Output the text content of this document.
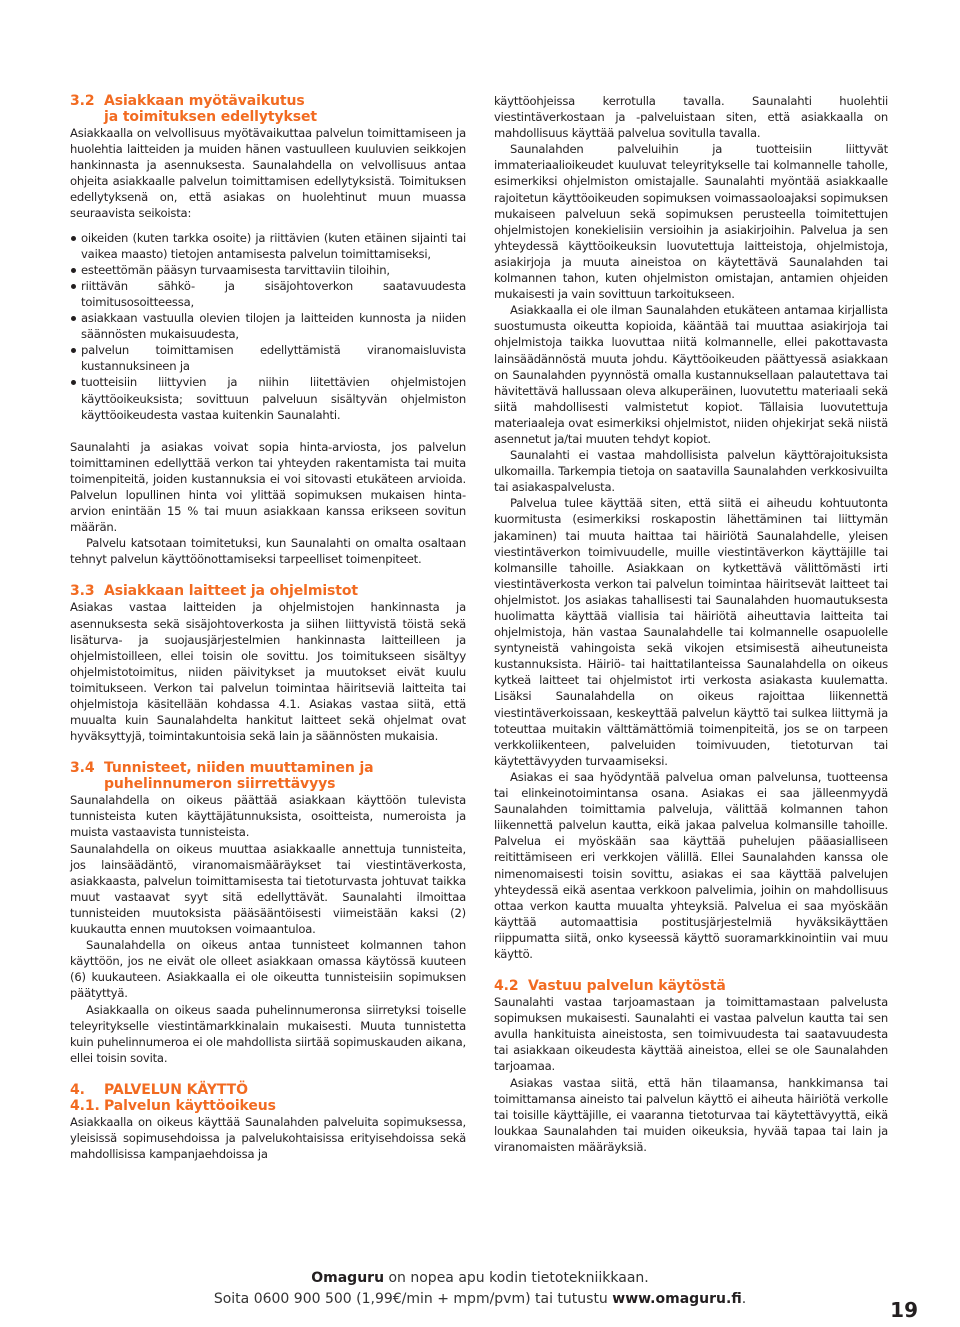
3.2 Asiakkaan myötävaikutus
ja toimituksen edellytykset

Asiakkaalla on velvollisuus myötävaikuttaa palvelun toimittamiseen ja huolehtia laitteiden ja muiden hänen vastuulleen kuuluvien seikkojen hankinnasta ja asennuksesta. Saunalahdella on velvollisuus antaa ohjeita asiakkaalle palvelun toimittamisen edellytyksistä. Toimituksen edellytyksenä on, että asiakas on huolehtinut muun muassa seuraavista seikoista:

oikeiden (kuten tarkka osoite) ja riittävien (kuten etäinen sijainti tai vaikea maasto) tietojen antamisesta palvelun toimittamiseksi,
esteettömän pääsyn turvaamisesta tarvittaviin tiloihin,
riittävän sähkö- ja sisäjohtoverkon saatavuudesta toimitusosoitteessa,
asiakkaan vastuulla olevien tilojen ja laitteiden kunnosta ja niiden säännösten mukaisuudesta,
palvelun toimittamisen edellyttämistä viranomaisluvista kustannuksineen ja
tuotteisiin liittyvien ja niihin liitettävien ohjelmistojen käyttöoikeuksista; sovittuun palveluun sisältyvän ohjelmiston käyttöoikeudesta vastaa kuitenkin Saunalahti.

Saunalahti ja asiakas voivat sopia hinta-arviosta, jos palvelun toimittaminen edellyttää verkon tai yhteyden rakentamista tai muita toimenpiteitä, joiden kustannuksia ei voi sitovasti etukäteen arvioida. Palvelun lopullinen hinta voi ylittää sopimuksen mukaisen hinta-arvion enintään 15 % tai muun asiakkaan kanssa erikseen sovitun määrän.

Palvelu katsotaan toimitetuksi, kun Saunalahti on omalta osaltaan tehnyt palvelun käyttöönottamiseksi tarpeelliset toimenpiteet.

3.3 Asiakkaan laitteet ja ohjelmistot

Asiakas vastaa laitteiden ja ohjelmistojen hankinnasta ja asennuksesta sekä sisäjohtoverkosta ja siihen liittyvistä töistä sekä lisäturva- ja suojausjärjestelmien hankinnasta laitteilleen ja ohjelmistoilleen, ellei toisin ole sovittu. Jos toimitukseen sisältyy ohjelmistotoimitus, niiden päivitykset ja muutokset eivät kuulu toimitukseen. Verkon tai palvelun toimintaa häiritseviä laitteita tai ohjelmistoja käsitellään kohdassa 4.1. Asiakas vastaa siitä, että muualta kuin Saunalahdelta hankitut laitteet sekä ohjelmat ovat hyväksyttyjä, toimintakuntoisia sekä lain ja säännösten mukaisia.

3.4 Tunnisteet, niiden muuttaminen ja
puhelinnumeron siirrettävyys

Saunalahdella on oikeus päättää asiakkaan käyttöön tulevista tunnisteista kuten käyttäjätunnuksista, osoitteista, numeroista ja muista vastaavista tunnisteista.

Saunalahdella on oikeus muuttaa asiakkaalle annettuja tunnisteita, jos lainsäädäntö, viranomaismääräykset tai viestintäverkosta, asiakkaasta, palvelun toimittamisesta tai tietoturvasta johtuvat taikka muut vastaavat syyt sitä edellyttävät. Saunalahti ilmoittaa tunnisteiden muutoksista pääsääntöisesti viimeistään kaksi (2) kuukautta ennen muutoksen voimaantuloa.

Saunalahdella on oikeus antaa tunnisteet kolmannen tahon käyttöön, jos ne eivät ole olleet asiakkaan omassa käytössä kuuteen (6) kuukauteen. Asiakkaalla ei ole oikeutta tunnisteisiin sopimuksen päätyttyä.

Asiakkaalla on oikeus saada puhelinnumeronsa siirretyksi toiselle teleyritykselle viestintämarkkinalain mukaisesti. Muuta tunnistetta kuin puhelinnumeroa ei ole mahdollista siirtää sopimuskauden aikana, ellei toisin sovita.

4. PALVELUN KÄYTTÖ
4.1. Palvelun käyttöoikeus

Asiakkaalla on oikeus käyttää Saunalahden palveluita sopimuksessa, yleisissä sopimusehdoissa ja palvelukohtaisissa erityisehdoissa sekä mahdollisissa kampanjaehdoissa ja

käyttöohjeissa kerrotulla tavalla. Saunalahti huolehtii viestintäverkostaan ja -palveluistaan siten, että asiakkaalla on mahdollisuus käyttää palvelua sovitulla tavalla.

Saunalahden palveluihin ja tuotteisiin liittyvät immateriaalioikeudet kuuluvat teleyritykselle tai kolmannelle taholle, esimerkiksi ohjelmiston omistajalle. Saunalahti myöntää asiakkaalle rajoitetun käyttöoikeuden sopimuksen voimassaoloajaksi sopimuksen mukaiseen palveluun sekä sopimuksen perusteella toimitettujen ohjelmistojen konekielisiin versioihin ja asiakirjoihin. Palvelua ja sen yhteydessä käyttöoikeuksin luovutettuja laitteistoja, ohjelmistoja, asiakirjoja ja muuta aineistoa on käytettävä Saunalahden tai kolmannen tahon, kuten ohjelmiston omistajan, antamien ohjeiden mukaisesti ja vain sovittuun tarkoitukseen.

Asiakkaalla ei ole ilman Saunalahden etukäteen antamaa kirjallista suostumusta oikeutta kopioida, kääntää tai muuttaa asiakirjoja tai ohjelmistoja taikka luovuttaa niitä kolmannelle, ellei pakottavasta lainsäädännöstä muuta johdu. Käyttöoikeuden päättyessä asiakkaan on Saunalahden pyynnöstä omalla kustannuksellaan palautettava tai hävitettävä hallussaan oleva alkuperäinen, luovutettu materiaali sekä siitä mahdollisesti valmistetut kopiot. Tällaisia luovutettuja materiaaleja ovat esimerkiksi ohjelmistot, niiden ohjekirjat sekä niistä asennetut ja/tai muuten tehdyt kopiot.

Saunalahti ei vastaa mahdollisista palvelun käyttörajoituksista ulkomailla. Tarkempia tietoja on saatavilla Saunalahden verkkosivuilta tai asiakaspalvelusta.

Palvelua tulee käyttää siten, että siitä ei aiheudu kohtuutonta kuormitusta (esimerkiksi roskapostin lähettäminen tai liittymän jakaminen) tai muuta haittaa tai häiriötä Saunalahdelle, yleisen viestintäverkon toimivuudelle, muille viestintäverkon käyttäjille tai kolmansille tahoille. Asiakkaan on kytkettävä välittömästi irti viestintäverkosta verkon tai palvelun toimintaa häiritsevät laitteet tai ohjelmistot. Jos asiakas tahallisesti tai Saunalahden huomautuksesta huolimatta käyttää viallisia tai häiriötä aiheuttavia laitteita tai ohjelmistoja, hän vastaa Saunalahdelle tai kolmannelle osapuolelle syntyneistä vahingoista sekä vikojen etsimisestä aiheutuneista kustannuksista. Häiriö- tai haittatilanteissa Saunalahdella on oikeus kytkeä laitteet tai ohjelmistot irti verkosta asiakasta kuulematta. Lisäksi Saunalahdella on oikeus rajoittaa liikennettä viestintäverkoissaan, keskeyttää palvelun käyttö tai sulkea liittymä ja toteuttaa muitakin välttämättömiä toimenpiteitä, jos se on tarpeen verkkoliikenteen, palveluiden toimivuuden, tietoturvan tai käytettävyyden turvaamiseksi.

Asiakas ei saa hyödyntää palvelua oman palvelunsa, tuotteensa tai elinkeinotoimintansa osana. Asiakas ei saa jälleenmyydä Saunalahden toimittamia palveluja, välittää kolmannen tahon liikennettä palvelun kautta, eikä jakaa palvelua kolmansille tahoille. Palvelua ei myöskään saa käyttää puhelujen pääasialliseen reitittämiseen eri verkkojen välillä. Ellei Saunalahden kanssa ole nimenomaisesti toisin sovittu, asiakas ei saa käyttää palvelujen yhteydessä eikä asentaa verkkoon palvelimia, joihin on mahdollisuus ottaa verkon kautta muualta yhteyksiä. Palvelua ei saa myöskään käyttää automaattisia postitusjärjestelmiä hyväksikäyttäen riippumatta siitä, onko kyseessä käyttö suoramarkkinointiin vai muu käyttö.

4.2 Vastuu palvelun käytöstä

Saunalahti vastaa tarjoamastaan ja toimittamastaan palvelusta sopimuksen mukaisesti. Saunalahti ei vastaa palvelun kautta tai sen avulla hankituista aineistosta, sen toimivuudesta tai saatavuudesta tai asiakkaan oikeudesta käyttää aineistoa, ellei se ole Saunalahden tarjoamaa.

Asiakas vastaa siitä, että hän tilaamansa, hankkimansa tai toimittamansa aineisto tai palvelun käyttö ei aiheuta häiriötä verkolle tai toisille käyttäjille, ei vaaranna tietoturvaa tai käytettävyyttä, eikä loukkaa Saunalahden tai muiden oikeuksia, hyvää tapaa tai lain ja viranomaisten määräyksiä.

Omaguru on nopea apu kodin tietotekniikkaan.
Soita 0600 900 500 (1,99€/min + mpm/pvm) tai tutustu www.omaguru.fi.	19
